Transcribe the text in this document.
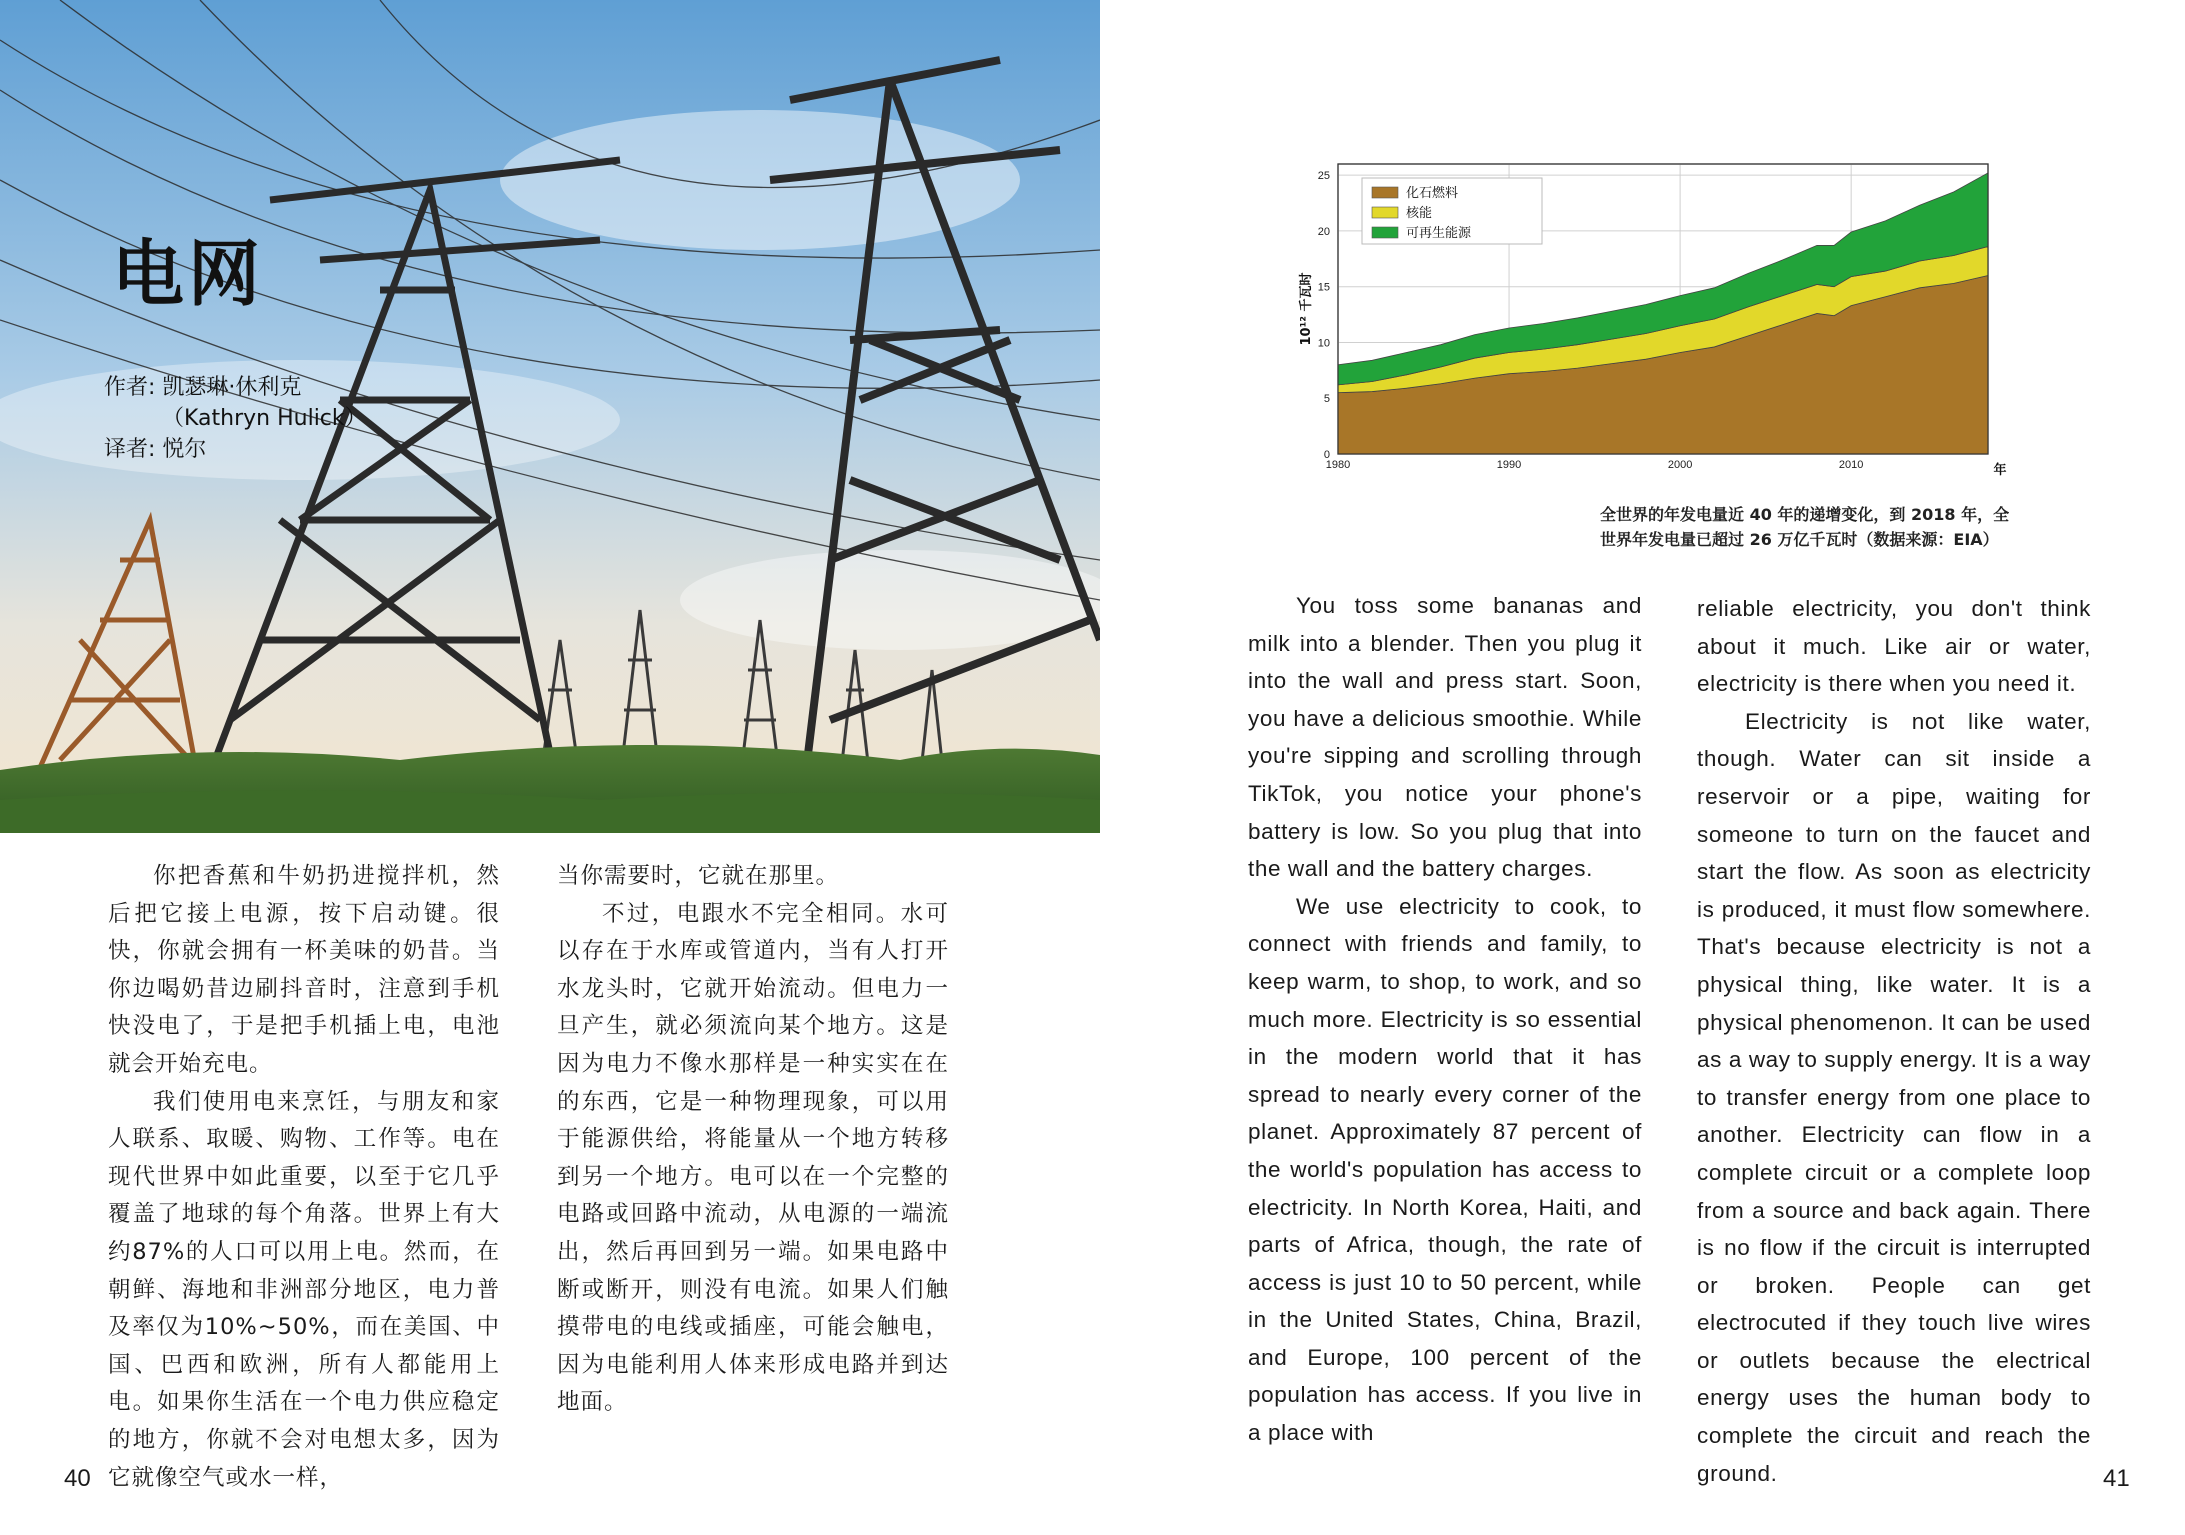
电网
作者: 凯瑟琳·休利克
（Kathryn Hulick）
译者: 悦尔

你把香蕉和牛奶扔进搅拌机，然后把它接上电源，按下启动键。很快，你就会拥有一杯美味的奶昔。当你边喝奶昔边刷抖音时，注意到手机快没电了，于是把手机插上电，电池就会开始充电。

我们使用电来烹饪，与朋友和家人联系、取暖、购物、工作等。电在现代世界中如此重要，以至于它几乎覆盖了地球的每个角落。世界上有大约87%的人口可以用上电。然而，在朝鲜、海地和非洲部分地区，电力普及率仅为10%~50%，而在美国、中国、巴西和欧洲，所有人都能用上电。如果你生活在一个电力供应稳定的地方，你就不会对电想太多，因为它就像空气或水一样，

当你需要时，它就在那里。

不过，电跟水不完全相同。水可以存在于水库或管道内，当有人打开水龙头时，它就开始流动。但电力一旦产生，就必须流向某个地方。这是因为电力不像水那样是一种实实在在的东西，它是一种物理现象，可以用于能源供给，将能量从一个地方转移到另一个地方。电可以在一个完整的电路或回路中流动，从电源的一端流出，然后再回到另一端。如果电路中断或断开，则没有电流。如果人们触摸带电的电线或插座，可能会触电，因为电能利用人体来形成电路并到达地面。

0
5
10
15
20
25
1980	1990	2000	2010
10¹² 千瓦时
年
化石燃料
核能
可再生能源
全世界的年发电量近 40 年的递增变化，到 2018 年，全世界年发电量已超过 26 万亿千瓦时（数据来源：EIA）

You toss some bananas and milk into a blender. Then you plug it into the wall and press start. Soon, you have a delicious smoothie. While you're sipping and scrolling through TikTok, you notice your phone's battery is low. So you plug that into the wall and the battery charges.

We use electricity to cook, to connect with friends and family, to keep warm, to shop, to work, and so much more. Electricity is so essential in the modern world that it has spread to nearly every corner of the planet. Approximately 87 percent of the world's population has access to electricity. In North Korea, Haiti, and parts of Africa, though, the rate of access is just 10 to 50 percent, while in the United States, China, Brazil, and Europe, 100 percent of the population has access. If you live in a place with

reliable electricity, you don't think about it much. Like air or water, electricity is there when you need it.

Electricity is not like water, though. Water can sit inside a reservoir or a pipe, waiting for someone to turn on the faucet and start the flow. As soon as electricity is produced, it must flow somewhere. That's because electricity is not a physical thing, like water. It is a physical phenomenon. It can be used as a way to supply energy. It is a way to transfer energy from one place to another. Electricity can flow in a complete circuit or a complete loop from a source and back again. There is no flow if the circuit is interrupted or broken. People can get electrocuted if they touch live wires or outlets because the electrical energy uses the human body to complete the circuit and reach the ground.

40	41
